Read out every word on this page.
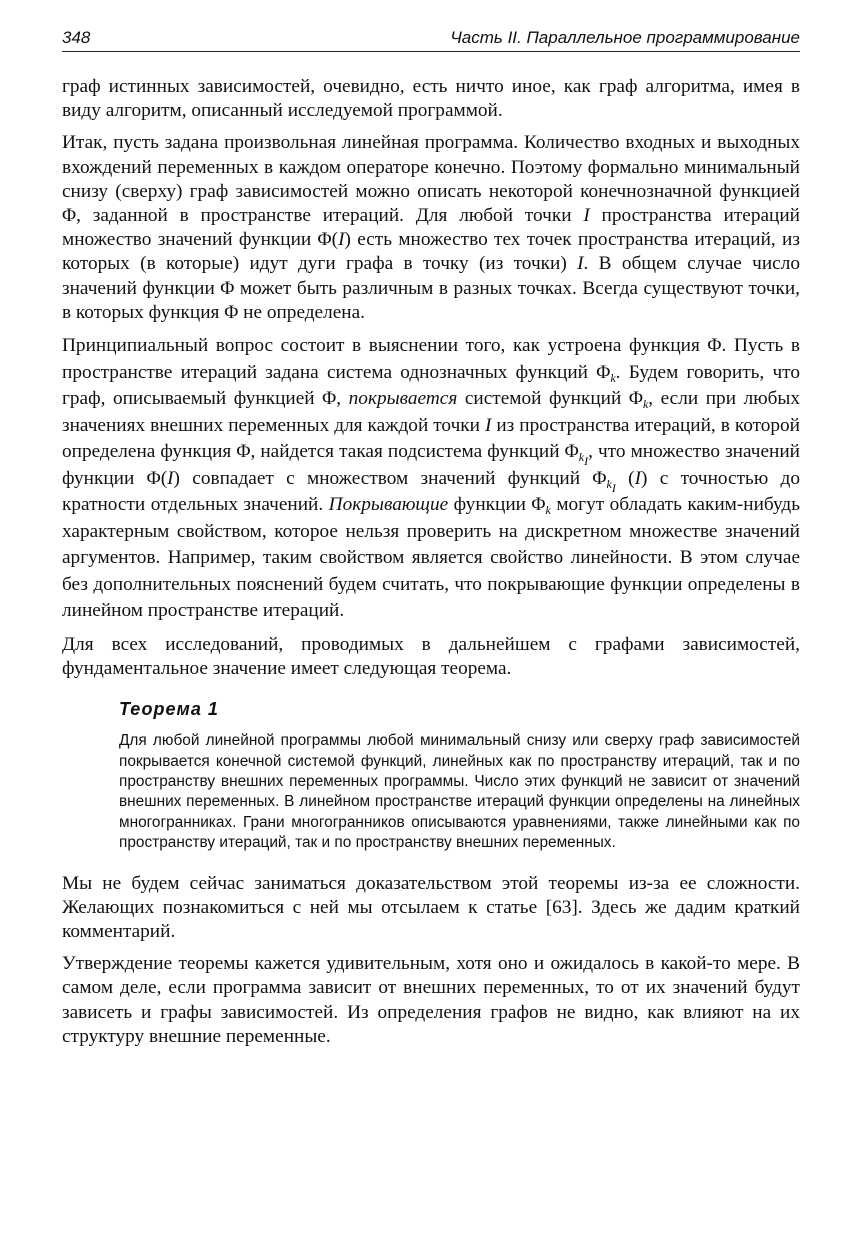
348	Часть II. Параллельное программирование

граф истинных зависимостей, очевидно, есть ничто иное, как граф алгоритма, имея в виду алгоритм, описанный исследуемой программой.

Итак, пусть задана произвольная линейная программа. Количество входных и выходных вхождений переменных в каждом операторе конечно. Поэтому формально минимальный снизу (сверху) граф зависимостей можно описать некоторой конечнозначной функцией Φ, заданной в пространстве итераций. Для любой точки I пространства итераций множество значений функции Φ(I) есть множество тех точек пространства итераций, из которых (в которые) идут дуги графа в точку (из точки) I. В общем случае число значений функции Φ может быть различным в разных точках. Всегда существуют точки, в которых функция Φ не определена.

Принципиальный вопрос состоит в выяснении того, как устроена функция Φ. Пусть в пространстве итераций задана система однозначных функций $\Phi_k$. Будем говорить, что граф, описываемый функцией Φ, покрывается системой функций $\Phi_k$, если при любых значениях внешних переменных для каждой точки I из пространства итераций, в которой определена функция Φ, найдется такая подсистема функций $\Phi_{k_I}$, что множество значений функции Φ(I) совпадает с множеством значений функций $\Phi_{k_I}$ (I) с точностью до кратности отдельных значений. Покрывающие функции $\Phi_k$ могут обладать каким-нибудь характерным свойством, которое нельзя проверить на дискретном множестве значений аргументов. Например, таким свойством является свойство линейности. В этом случае без дополнительных пояснений будем считать, что покрывающие функции определены в линейном пространстве итераций.

Для всех исследований, проводимых в дальнейшем с графами зависимостей, фундаментальное значение имеет следующая теорема.

Теорема 1
Для любой линейной программы любой минимальный снизу или сверху граф зависимостей покрывается конечной системой функций, линейных как по пространству итераций, так и по пространству внешних переменных программы. Число этих функций не зависит от значений внешних переменных. В линейном пространстве итераций функции определены на линейных многогранниках. Грани многогранников описываются уравнениями, также линейными как по пространству итераций, так и по пространству внешних переменных.

Мы не будем сейчас заниматься доказательством этой теоремы из-за ее сложности. Желающих познакомиться с ней мы отсылаем к статье [63]. Здесь же дадим краткий комментарий.

Утверждение теоремы кажется удивительным, хотя оно и ожидалось в какой-то мере. В самом деле, если программа зависит от внешних переменных, то от их значений будут зависеть и графы зависимостей. Из определения графов не видно, как влияют на их структуру внешние переменные.
